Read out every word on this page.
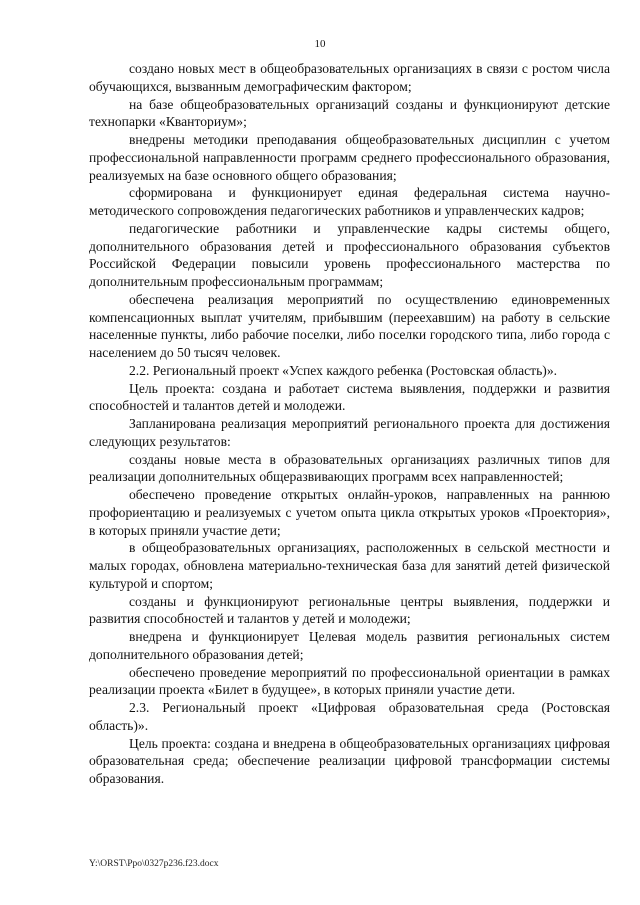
10

создано новых мест в общеобразовательных организациях в связи с ростом числа обучающихся, вызванным демографическим фактором;

на базе общеобразовательных организаций созданы и функционируют детские технопарки «Кванториум»;

внедрены методики преподавания общеобразовательных дисциплин с учетом профессиональной направленности программ среднего профессионального образования, реализуемых на базе основного общего образования;

сформирована и функционирует единая федеральная система научно-методического сопровождения педагогических работников и управленческих кадров;

педагогические работники и управленческие кадры системы общего, дополнительного образования детей и профессионального образования субъектов Российской Федерации повысили уровень профессионального мастерства по дополнительным профессиональным программам;

обеспечена реализация мероприятий по осуществлению единовременных компенсационных выплат учителям, прибывшим (переехавшим) на работу в сельские населенные пункты, либо рабочие поселки, либо поселки городского типа, либо города с населением до 50 тысяч человек.

2.2. Региональный проект «Успех каждого ребенка (Ростовская область)».

Цель проекта: создана и работает система выявления, поддержки и развития способностей и талантов детей и молодежи.

Запланирована реализация мероприятий регионального проекта для достижения следующих результатов:

созданы новые места в образовательных организациях различных типов для реализации дополнительных общеразвивающих программ всех направленностей;

обеспечено проведение открытых онлайн-уроков, направленных на раннюю профориентацию и реализуемых с учетом опыта цикла открытых уроков «Проектория», в которых приняли участие дети;

в общеобразовательных организациях, расположенных в сельской местности и малых городах, обновлена материально-техническая база для занятий детей физической культурой и спортом;

созданы и функционируют региональные центры выявления, поддержки и развития способностей и талантов у детей и молодежи;

внедрена и функционирует Целевая модель развития региональных систем дополнительного образования детей;

обеспечено проведение мероприятий по профессиональной ориентации в рамках реализации проекта «Билет в будущее», в которых приняли участие дети.

2.3. Региональный проект «Цифровая образовательная среда (Ростовская область)».

Цель проекта: создана и внедрена в общеобразовательных организациях цифровая образовательная среда; обеспечение реализации цифровой трансформации системы образования.

Y:\ORST\Ppo\0327p236.f23.docx
